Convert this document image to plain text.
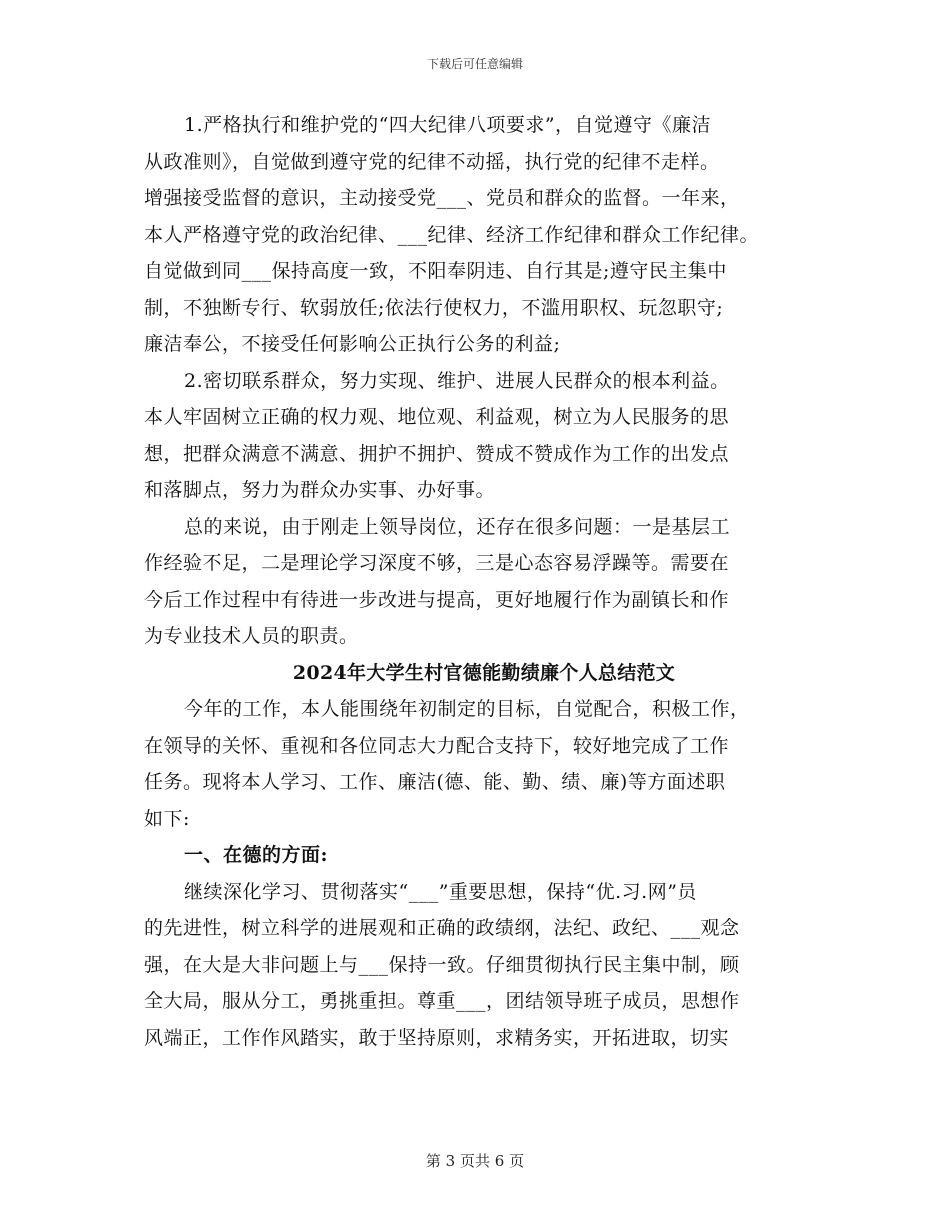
下载后可任意编辑
1.严格执行和维护党的“四大纪律八项要求”，自觉遵守《廉洁
从政准则》，自觉做到遵守党的纪律不动摇，执行党的纪律不走样。
增强接受监督的意识，主动接受党___、党员和群众的监督。一年来，
本人严格遵守党的政治纪律、___纪律、经济工作纪律和群众工作纪律。
自觉做到同___保持高度一致，不阳奉阴违、自行其是;遵守民主集中
制，不独断专行、软弱放任;依法行使权力，不滥用职权、玩忽职守;
廉洁奉公，不接受任何影响公正执行公务的利益;
2.密切联系群众，努力实现、维护、进展人民群众的根本利益。
本人牢固树立正确的权力观、地位观、利益观，树立为人民服务的思
想，把群众满意不满意、拥护不拥护、赞成不赞成作为工作的出发点
和落脚点，努力为群众办实事、办好事。
总的来说，由于刚走上领导岗位，还存在很多问题：一是基层工
作经验不足，二是理论学习深度不够，三是心态容易浮躁等。需要在
今后工作过程中有待进一步改进与提高，更好地履行作为副镇长和作
为专业技术人员的职责。
2024年大学生村官德能勤绩廉个人总结范文
今年的工作，本人能围绕年初制定的目标，自觉配合，积极工作，
在领导的关怀、重视和各位同志大力配合支持下，较好地完成了工作
任务。现将本人学习、工作、廉洁(德、能、勤、绩、廉)等方面述职
如下:
一、在德的方面:
继续深化学习、贯彻落实“___”重要思想，保持“优.习.网”员
的先进性，树立科学的进展观和正确的政绩纲，法纪、政纪、___观念
强，在大是大非问题上与___保持一致。仔细贯彻执行民主集中制，顾
全大局，服从分工，勇挑重担。尊重___，团结领导班子成员，思想作
风端正，工作作风踏实，敢于坚持原则，求精务实，开拓进取，切实
第 3 页共 6 页
